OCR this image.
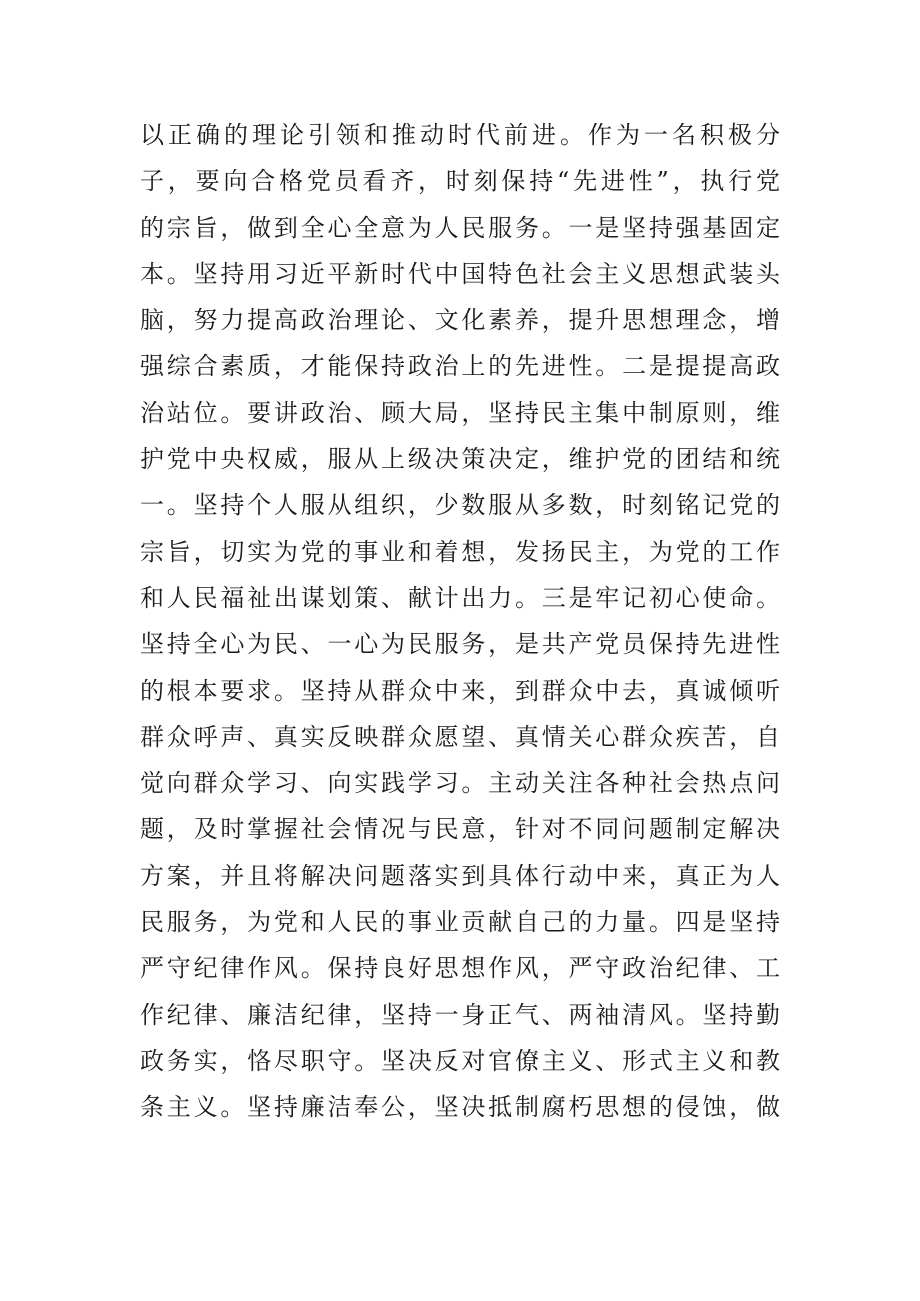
以正确的理论引领和推动时代前进。作为一名积极分
子，要向合格党员看齐，时刻保持“先进性”，执行党
的宗旨，做到全心全意为人民服务。一是坚持强基固定
本。坚持用习近平新时代中国特色社会主义思想武装头
脑，努力提高政治理论、文化素养，提升思想理念，增
强综合素质，才能保持政治上的先进性。二是提提高政
治站位。要讲政治、顾大局，坚持民主集中制原则，维
护党中央权威，服从上级决策决定，维护党的团结和统
一。坚持个人服从组织，少数服从多数，时刻铭记党的
宗旨，切实为党的事业和着想，发扬民主，为党的工作
和人民福祉出谋划策、献计出力。三是牢记初心使命。
坚持全心为民、一心为民服务，是共产党员保持先进性
的根本要求。坚持从群众中来，到群众中去，真诚倾听
群众呼声、真实反映群众愿望、真情关心群众疾苦，自
觉向群众学习、向实践学习。主动关注各种社会热点问
题，及时掌握社会情况与民意，针对不同问题制定解决
方案，并且将解决问题落实到具体行动中来，真正为人
民服务，为党和人民的事业贡献自己的力量。四是坚持
严守纪律作风。保持良好思想作风，严守政治纪律、工
作纪律、廉洁纪律，坚持一身正气、两袖清风。坚持勤
政务实，恪尽职守。坚决反对官僚主义、形式主义和教
条主义。坚持廉洁奉公，坚决抵制腐朽思想的侵蚀，做
